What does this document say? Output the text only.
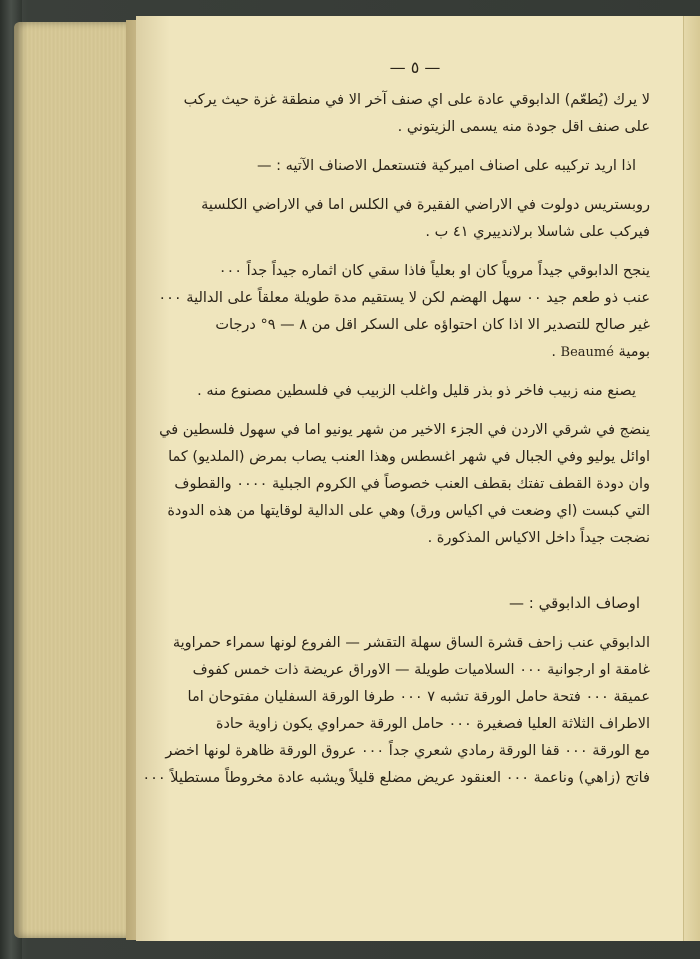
— ٥ —
لا يرك (يُطعّم) الدابوقي عادة على اي صنف آخر الا في منطقة غزة حيث يركب
على صنف اقل جودة منه يسمى الزيتوني .
اذا اريد تركيبه على اصناف اميركية فتستعمل الاصناف الآتيه : —
روبستريس دولوت في الاراضي الفقيرة في الكلس اما في الاراضي الكلسية
فيركب على شاسلا برلاندييري ٤١ ب .
ينجح الدابوقي جيداً مروياً كان او بعلياً فاذا سقي كان اثماره جيداً جداً ٠٠٠
عنب ذو طعم جيد ٠٠ سهل الهضم لكن لا يستقيم مدة طويلة معلقاً على الدالية ٠٠٠
غير صالح للتصدير الا اذا كان احتواؤه على السكر اقل من ٨ — ٩° درجات
بومية Beaumé .
يصنع منه زبيب فاخر ذو بذر قليل واغلب الزبيب في فلسطين مصنوع منه .
ينضج في شرقي الاردن في الجزء الاخير من شهر يونيو اما في سهول فلسطين في
اوائل يوليو وفي الجبال في شهر اغسطس وهذا العنب يصاب بمرض (الملديو) كما
وان دودة القطف تفتك بقطف العنب خصوصاً في الكروم الجبلية ٠٠٠٠ والقطوف
التي كبست (اي وضعت في اكياس ورق) وهي على الدالية لوقايتها من هذه الدودة
نضجت جيداً داخل الاكياس المذكورة .
اوصاف الدابوقي : —
الدابوقي عنب زاحف قشرة الساق سهلة التقشر — الفروع لونها سمراء حمراوية
غامقة او ارجوانية ٠٠٠ السلاميات طويلة — الاوراق عريضة ذات خمس كفوف
عميقة ٠٠٠ فتحة حامل الورقة تشبه ٧ ٠٠٠ طرفا الورقة السفليان مفتوحان اما
الاطراف الثلاثة العليا فصغيرة ٠٠٠ حامل الورقة حمراوي يكون زاوية حادة
مع الورقة ٠٠٠ قفا الورقة رمادي شعري جداً ٠٠٠ عروق الورقة ظاهرة لونها اخضر
فاتح (زاهي) وناعمة ٠٠٠ العنقود عريض مضلع قليلاً ويشبه عادة مخروطاً مستطيلاً ٠٠٠
